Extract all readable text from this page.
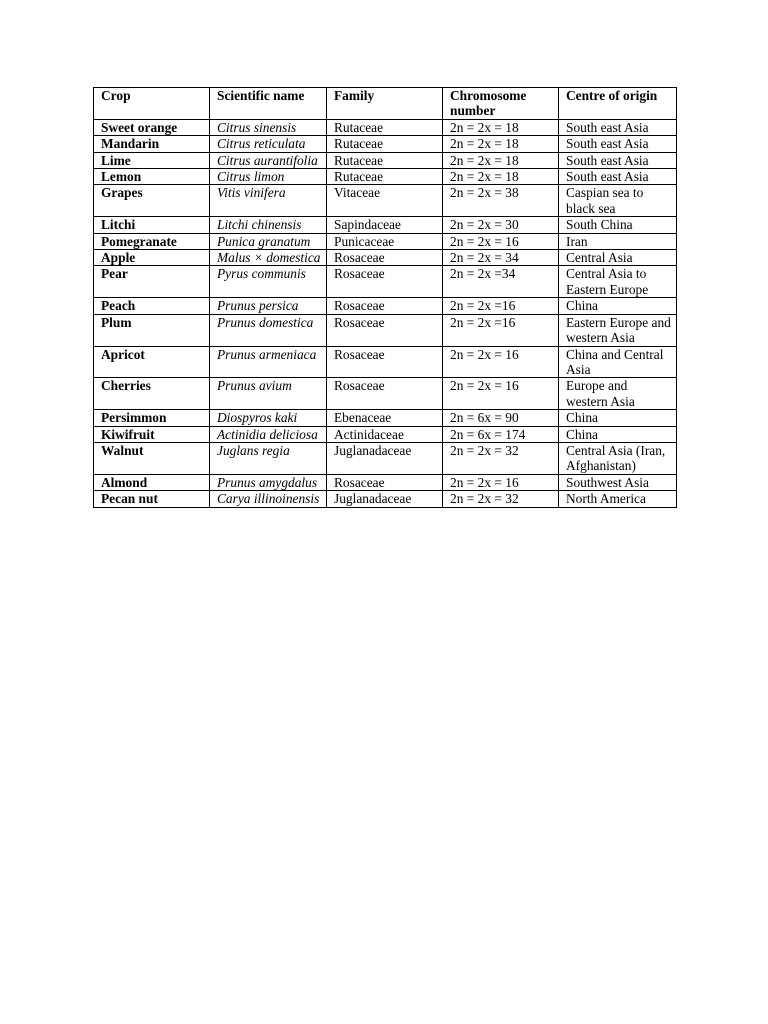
Crop	Scientific name	Family	Chromosome number	Centre of origin
Sweet orange	Citrus sinensis	Rutaceae	2n = 2x = 18	South east Asia
Mandarin	Citrus reticulata	Rutaceae	2n = 2x = 18	South east Asia
Lime	Citrus aurantifolia	Rutaceae	2n = 2x = 18	South east Asia
Lemon	Citrus limon	Rutaceae	2n = 2x = 18	South east Asia
Grapes	Vitis vinifera	Vitaceae	2n = 2x = 38	Caspian sea to black sea
Litchi	Litchi chinensis	Sapindaceae	2n = 2x = 30	South China
Pomegranate	Punica granatum	Punicaceae	2n = 2x = 16	Iran
Apple	Malus × domestica	Rosaceae	2n = 2x = 34	Central Asia
Pear	Pyrus communis	Rosaceae	2n = 2x =34	Central Asia to Eastern Europe
Peach	Prunus persica	Rosaceae	2n = 2x =16	China
Plum	Prunus domestica	Rosaceae	2n = 2x =16	Eastern Europe and western Asia
Apricot	Prunus armeniaca	Rosaceae	2n = 2x = 16	China and Central Asia
Cherries	Prunus avium	Rosaceae	2n = 2x = 16	Europe and western Asia
Persimmon	Diospyros kaki	Ebenaceae	2n = 6x = 90	China
Kiwifruit	Actinidia deliciosa	Actinidaceae	2n = 6x = 174	China
Walnut	Juglans regia	Juglanadaceae	2n = 2x = 32	Central Asia (Iran, Afghanistan)
Almond	Prunus amygdalus	Rosaceae	2n = 2x = 16	Southwest Asia
Pecan nut	Carya illinoinensis	Juglanadaceae	2n = 2x = 32	North America
